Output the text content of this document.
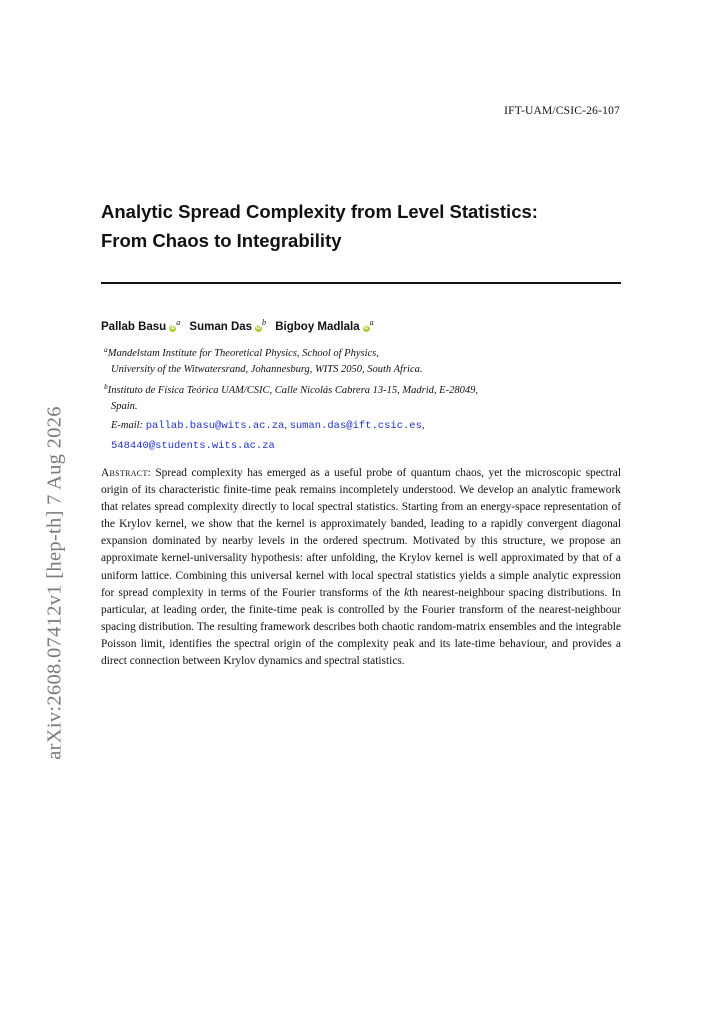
IFT-UAM/CSIC-26-107
Analytic Spread Complexity from Level Statistics:
From Chaos to Integrability
Pallab Basu $iD^a$ Suman Das $iD^b$ Bigboy Madlala $iD^a$
$^a$Mandelstam Institute for Theoretical Physics, School of Physics,
University of the Witwatersrand, Johannesburg, WITS 2050, South Africa.
$^b$Instituto de Física Teórica UAM/CSIC, Calle Nicolás Cabrera 13-15, Madrid, E-28049,
Spain.
E-mail: pallab.basu@wits.ac.za, suman.das@ift.csic.es,
548440@students.wits.ac.za
Abstract: Spread complexity has emerged as a useful probe of quantum chaos, yet the microscopic spectral origin of its characteristic finite-time peak remains incompletely understood. We develop an analytic framework that relates spread complexity directly to local spectral statistics. Starting from an energy-space representation of the Krylov kernel, we show that the kernel is approximately banded, leading to a rapidly convergent diagonal expansion dominated by nearby levels in the ordered spectrum. Motivated by this structure, we propose an approximate kernel-universality hypothesis: after unfolding, the Krylov kernel is well approximated by that of a uniform lattice. Combining this universal kernel with local spectral statistics yields a simple analytic expression for spread complexity in terms of the Fourier transforms of the kth nearest-neighbour spacing distributions. In particular, at leading order, the finite-time peak is controlled by the Fourier transform of the nearest-neighbour spacing distribution. The resulting framework describes both chaotic random-matrix ensembles and the integrable Poisson limit, identifies the spectral origin of the complexity peak and its late-time behaviour, and provides a direct connection between Krylov dynamics and spectral statistics.
arXiv:2608.07412v1 [hep-th] 7 Aug 2026
